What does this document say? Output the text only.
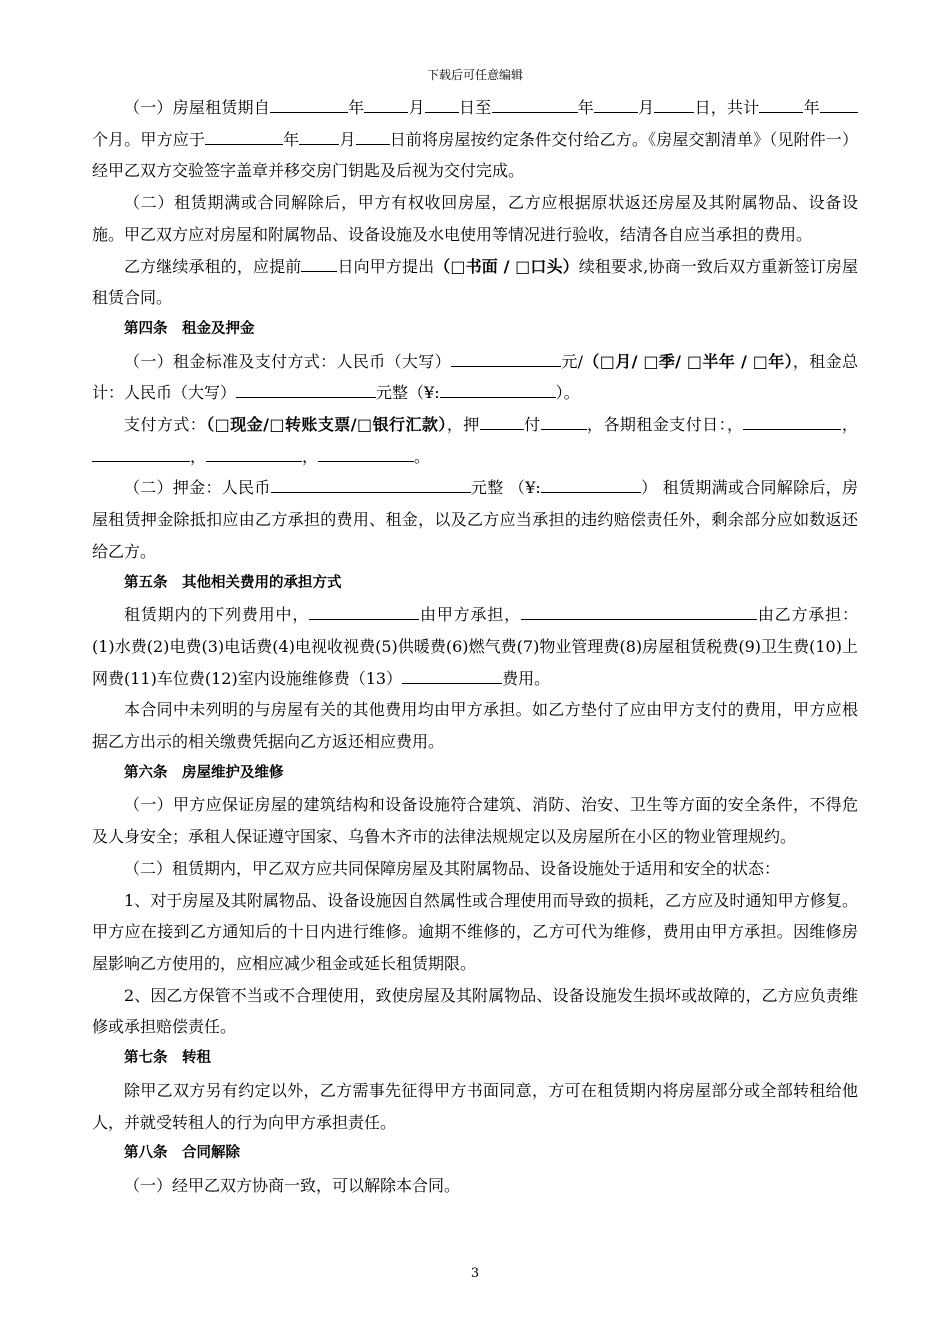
下载后可任意编辑

（一）房屋租赁期自	年	月 日至	年	月	日，共计	年个月。甲方应于	年	月 日前将房屋按约定条件交付给乙方。《房屋交割清单》（见附件一）经甲乙双方交验签字盖章并移交房门钥匙及后视为交付完成。

（二）租赁期满或合同解除后，甲方有权收回房屋，乙方应根据原状返还房屋及其附属物品、设备设施。甲乙双方应对房屋和附属物品、设备设施及水电使用等情况进行验收，结清各自应当承担的费用。

乙方继续承租的，应提前 日向甲方提出（□书面 / □口头）续租要求,协商一致后双方重新签订房屋租赁合同。

第四条　租金及押金

（一）租金标准及支付方式：人民币（大写）	元/（□月/ □季/ □半年 / □年），租金总计：人民币（大写）	元整（¥:	）。

支付方式：（□现金/□转账支票/□银行汇款），押	付	，各期租金支付日：，	，，	，	。

（二）押金：人民币	元整 （¥:	） 租赁期满或合同解除后，房屋租赁押金除抵扣应由乙方承担的费用、租金，以及乙方应当承担的违约赔偿责任外，剩余部分应如数返还给乙方。

第五条　其他相关费用的承担方式

租赁期内的下列费用中，	由甲方承担，	由乙方承担：(1)水费(2)电费(3)电话费(4)电视收视费(5)供暖费(6)燃气费(7)物业管理费(8)房屋租赁税费(9)卫生费(10)上网费(11)车位费(12)室内设施维修费（13）	费用。

本合同中未列明的与房屋有关的其他费用均由甲方承担。如乙方垫付了应由甲方支付的费用，甲方应根据乙方出示的相关缴费凭据向乙方返还相应费用。

第六条　房屋维护及维修

（一）甲方应保证房屋的建筑结构和设备设施符合建筑、消防、治安、卫生等方面的安全条件，不得危及人身安全；承租人保证遵守国家、乌鲁木齐市的法律法规规定以及房屋所在小区的物业管理规约。

（二）租赁期内，甲乙双方应共同保障房屋及其附属物品、设备设施处于适用和安全的状态：

1、对于房屋及其附属物品、设备设施因自然属性或合理使用而导致的损耗，乙方应及时通知甲方修复。甲方应在接到乙方通知后的十日内进行维修。逾期不维修的，乙方可代为维修，费用由甲方承担。因维修房屋影响乙方使用的，应相应减少租金或延长租赁期限。

2、因乙方保管不当或不合理使用，致使房屋及其附属物品、设备设施发生损坏或故障的，乙方应负责维修或承担赔偿责任。

第七条　转租

除甲乙双方另有约定以外，乙方需事先征得甲方书面同意，方可在租赁期内将房屋部分或全部转租给他人，并就受转租人的行为向甲方承担责任。

第八条　合同解除

（一）经甲乙双方协商一致，可以解除本合同。

3
